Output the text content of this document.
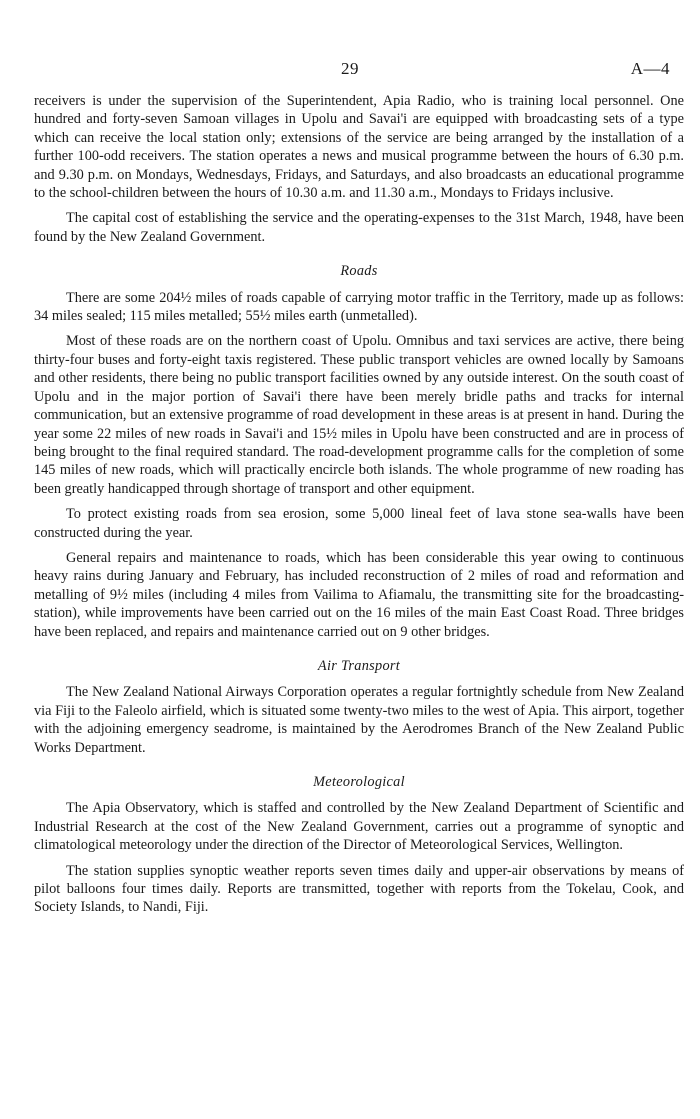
29	A—4

receivers is under the supervision of the Superintendent, Apia Radio, who is training local personnel. One hundred and forty-seven Samoan villages in Upolu and Savai'i are equipped with broadcasting sets of a type which can receive the local station only; extensions of the service are being arranged by the installation of a further 100-odd receivers. The station operates a news and musical programme between the hours of 6.30 p.m. and 9.30 p.m. on Mondays, Wednesdays, Fridays, and Saturdays, and also broadcasts an educational programme to the school-children between the hours of 10.30 a.m. and 11.30 a.m., Mondays to Fridays inclusive.

The capital cost of establishing the service and the operating-expenses to the 31st March, 1948, have been found by the New Zealand Government.

Roads

There are some 204½ miles of roads capable of carrying motor traffic in the Territory, made up as follows: 34 miles sealed; 115 miles metalled; 55½ miles earth (unmetalled).

Most of these roads are on the northern coast of Upolu. Omnibus and taxi services are active, there being thirty-four buses and forty-eight taxis registered. These public transport vehicles are owned locally by Samoans and other residents, there being no public transport facilities owned by any outside interest. On the south coast of Upolu and in the major portion of Savai'i there have been merely bridle paths and tracks for internal communication, but an extensive programme of road development in these areas is at present in hand. During the year some 22 miles of new roads in Savai'i and 15½ miles in Upolu have been constructed and are in process of being brought to the final required standard. The road-development programme calls for the completion of some 145 miles of new roads, which will practically encircle both islands. The whole programme of new roading has been greatly handicapped through shortage of transport and other equipment.

To protect existing roads from sea erosion, some 5,000 lineal feet of lava stone sea-walls have been constructed during the year.

General repairs and maintenance to roads, which has been considerable this year owing to continuous heavy rains during January and February, has included reconstruction of 2 miles of road and reformation and metalling of 9½ miles (including 4 miles from Vailima to Afiamalu, the transmitting site for the broadcasting-station), while improvements have been carried out on the 16 miles of the main East Coast Road. Three bridges have been replaced, and repairs and maintenance carried out on 9 other bridges.

Air Transport

The New Zealand National Airways Corporation operates a regular fortnightly schedule from New Zealand via Fiji to the Faleolo airfield, which is situated some twenty-two miles to the west of Apia. This airport, together with the adjoining emergency seadrome, is maintained by the Aerodromes Branch of the New Zealand Public Works Department.

Meteorological

The Apia Observatory, which is staffed and controlled by the New Zealand Department of Scientific and Industrial Research at the cost of the New Zealand Government, carries out a programme of synoptic and climatological meteorology under the direction of the Director of Meteorological Services, Wellington.

The station supplies synoptic weather reports seven times daily and upper-air observations by means of pilot balloons four times daily. Reports are transmitted, together with reports from the Tokelau, Cook, and Society Islands, to Nandi, Fiji.
